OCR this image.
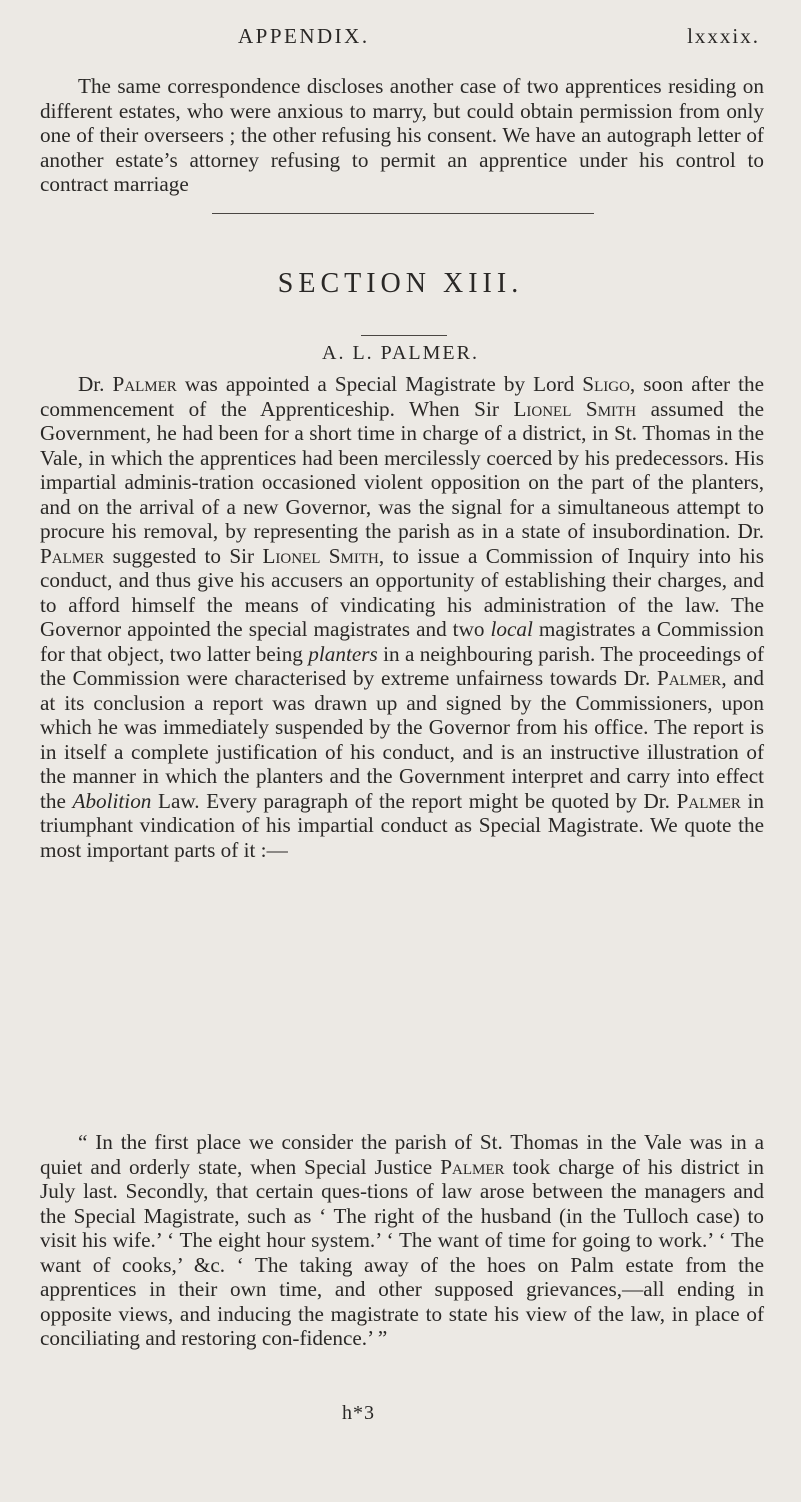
APPENDIX.	lxxxix.

The same correspondence discloses another case of two apprentices residing on different estates, who were anxious to marry, but could obtain permission from only one of their overseers ; the other refusing his consent. We have an autograph letter of another estate’s attorney refusing to permit an apprentice under his control to contract marriage

SECTION XIII.
A. L. PALMER.

Dr. Palmer was appointed a Special Magistrate by Lord Sligo, soon after the commencement of the Apprenticeship. When Sir Lionel Smith assumed the Government, he had been for a short time in charge of a district, in St. Thomas in the Vale, in which the apprentices had been mercilessly coerced by his predecessors. His impartial adminis-tration occasioned violent opposition on the part of the planters, and on the arrival of a new Governor, was the signal for a simultaneous attempt to procure his removal, by representing the parish as in a state of insubordination. Dr. Palmer suggested to Sir Lionel Smith, to issue a Commission of Inquiry into his conduct, and thus give his accusers an opportunity of establishing their charges, and to afford himself the means of vindicating his administration of the law. The Governor appointed the special magistrates and two local magistrates a Commission for that object, two latter being planters in a neighbouring parish. The proceedings of the Commission were characterised by extreme unfairness towards Dr. Palmer, and at its conclusion a report was drawn up and signed by the Commissioners, upon which he was immediately suspended by the Governor from his office. The report is in itself a complete justification of his conduct, and is an instructive illustration of the manner in which the planters and the Government interpret and carry into effect the Abolition Law. Every paragraph of the report might be quoted by Dr. Palmer in triumphant vindication of his impartial conduct as Special Magistrate. We quote the most important parts of it :—

“ In the first place we consider the parish of St. Thomas in the Vale was in a quiet and orderly state, when Special Justice Palmer took charge of his district in July last. Secondly, that certain ques-tions of law arose between the managers and the Special Magistrate, such as ‘ The right of the husband (in the Tulloch case) to visit his wife.’ ‘ The eight hour system.’ ‘ The want of time for going to work.’ ‘ The want of cooks,’ &c. ‘ The taking away of the hoes on Palm estate from the apprentices in their own time, and other supposed grievances,—all ending in opposite views, and inducing the magistrate to state his view of the law, in place of conciliating and restoring con-fidence.’ ”

h*3
